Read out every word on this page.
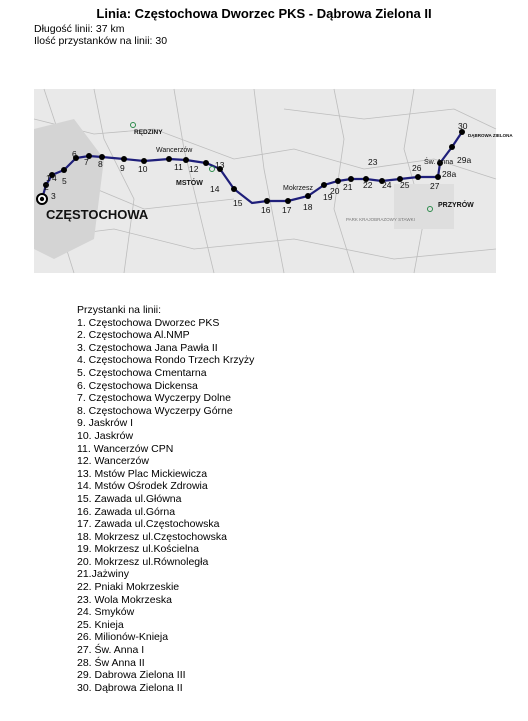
Linia: Częstochowa Dworzec PKS - Dąbrowa Zielona II
Długość linii: 37 km
Ilość przystanków na linii: 30
CZĘSTOCHOWA
RĘDZINY
Wancerzów
MSTÓW
Mokrzesz
PRZYRÓW
DĄBROWA ZIELONA
Św. Anna
PARK KRAJOBRAZOWY STAWKI
1
2
3
4 5
6
7 8 9 10	11 12 13
14
15
16 17 18
19
20 21 22
23
24 25
26
27
28a
29a
30
Przystanki na linii:
1. Częstochowa Dworzec PKS
2. Częstochowa Al.NMP
3. Częstochowa Jana Pawła II
4. Częstochowa Rondo Trzech Krzyży
5. Częstochowa Cmentarna
6. Częstochowa Dickensa
7. Częstochowa Wyczerpy Dolne
8. Częstochowa Wyczerpy Górne
9. Jaskrów I
10. Jaskrów
11. Wancerzów CPN
12. Wancerzów
13. Mstów Plac Mickiewicza
14. Mstów Ośrodek Zdrowia
15. Zawada ul.Główna
16. Zawada ul.Górna
17. Zawada ul.Częstochowska
18. Mokrzesz ul.Częstochowska
19. Mokrzesz ul.Kościelna
20. Mokrzesz ul.Równoległa
21.Jażwiny
22. Pniaki Mokrzeskie
23. Wola Mokrzeska
24. Smyków
25. Knieja
26. Milionów-Knieja
27. Św. Anna I
28. Św Anna II
29. Dabrowa Zielona III
30. Dąbrowa Zielona II
